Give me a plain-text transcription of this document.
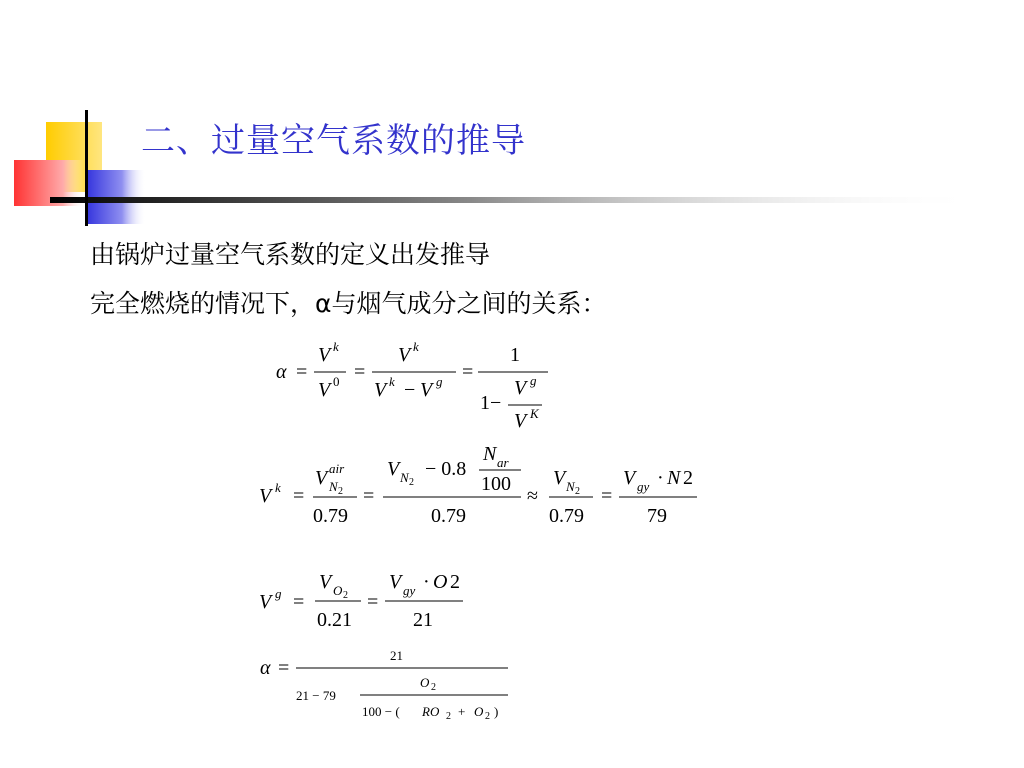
二、过量空气系数的推导
由锅炉过量空气系数的定义出发推导
完全燃烧的情况下，α与烟气成分之间的关系：
α =
V k
V 0 =
V k
V k − V g =
1
1−
V g
V K
V k =
V air
N 2
0.79
=
V N 2
− 0.8
N ar
100
0.79
≈
V N 2
0.79
=
V gy · N 2
79
V g =
V O 2
0.21
=
V gy · O 2
21
α =
21
21 − 79
O 2
100 − ( RO 2 + O 2 )
